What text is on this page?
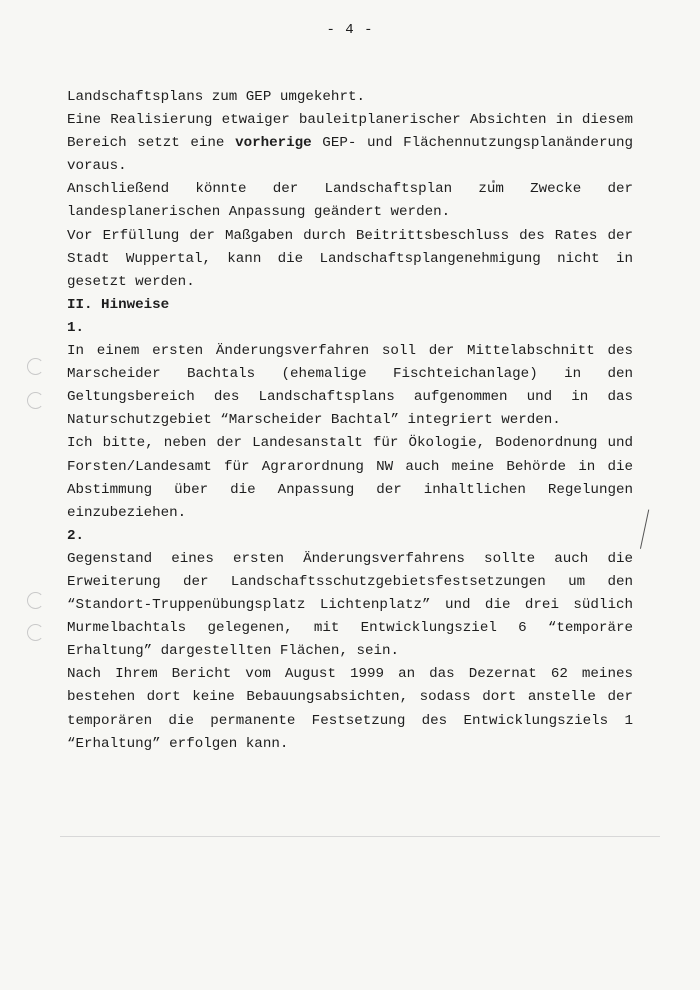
- 4 -
Landschaftsplans zum GEP umgekehrt.
Eine Realisierung etwaiger bauleitplanerischer Absichten in diesem
Bereich setzt eine vorherige GEP- und Flächennutzungsplanänderung
voraus.
Anschließend könnte der Landschaftsplan zum Zwecke der
landesplanerischen Anpassung geändert werden.
Vor Erfüllung der Maßgaben durch Beitrittsbeschluss des Rates der
Stadt Wuppertal, kann die Landschaftsplangenehmigung nicht in
gesetzt werden.
II. Hinweise
1.
In einem ersten Änderungsverfahren soll der Mittelabschnitt des
Marscheider Bachtals (ehemalige Fischteichanlage) in den
Geltungsbereich des Landschaftsplans aufgenommen und in das
Naturschutzgebiet “Marscheider Bachtal” integriert werden.
Ich bitte, neben der Landesanstalt für Ökologie, Bodenordnung und
Forsten/Landesamt für Agrarordnung NW auch meine Behörde in die
Abstimmung über die Anpassung der inhaltlichen Regelungen
einzubeziehen.
2.
Gegenstand eines ersten Änderungsverfahrens sollte auch die
Erweiterung der Landschaftsschutzgebietsfestsetzungen um den
“Standort-Truppenübungsplatz Lichtenplatz” und die drei südlich
Murmelbachtals gelegenen, mit Entwicklungsziel 6 “temporäre
Erhaltung” dargestellten Flächen, sein.
Nach Ihrem Bericht vom August 1999 an das Dezernat 62 meines
bestehen dort keine Bebauungsabsichten, sodass dort anstelle der
temporären die permanente Festsetzung des Entwicklungsziels 1
“Erhaltung” erfolgen kann.
